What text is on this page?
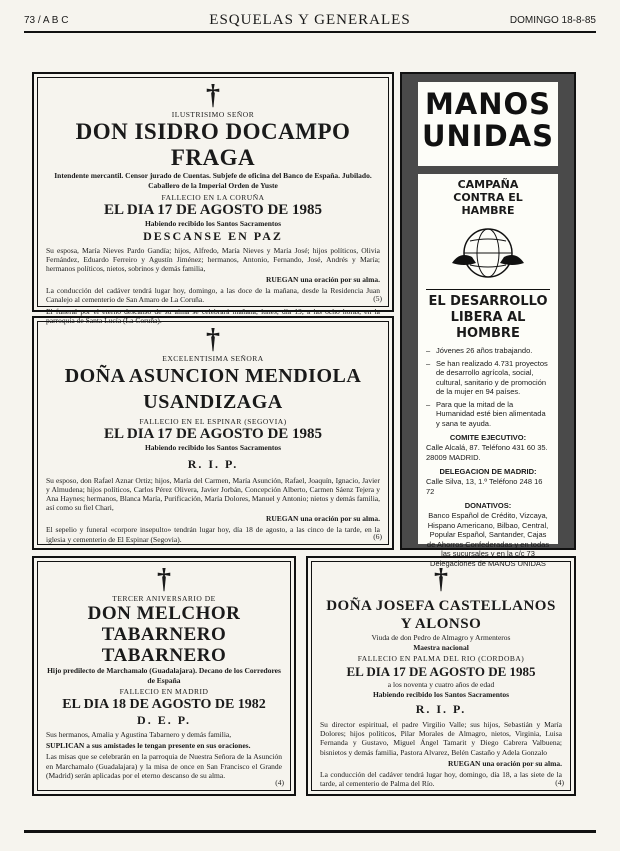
73 / A B C	ESQUELAS Y GENERALES	DOMINGO 18-8-85
†
ILUSTRISIMO SEÑOR
DON ISIDRO DOCAMPO FRAGA
Intendente mercantil. Censor jurado de Cuentas. Subjefe de oficina del Banco de España. Jubilado. Caballero de la Imperial Orden de Yuste
FALLECIO EN LA CORUÑA
EL DIA 17 DE AGOSTO DE 1985
Habiendo recibido los Santos Sacramentos
DESCANSE EN PAZ
Su esposa, María Nieves Pardo Gandía; hijos, Alfredo, María Nieves y María José; hijos políticos, Olivia Fernández, Eduardo Ferreiro y Agustín Jiménez; hermanos, Antonio, Fernando, José, Andrés y María; hermanos políticos, nietos, sobrinos y demás familia,
RUEGAN una oración por su alma.
La conducción del cadáver tendrá lugar hoy, domingo, a las doce de la mañana, desde la Residencia Juan Canalejo al cementerio de San Amaro de La Coruña.
El funeral por el eterno descanso de su alma se celebrará mañana, lunes, día 19, a las ocho horas, en la parroquia de Santa Lucía (La Coruña).
(5)
†
EXCELENTISIMA SEÑORA
DOÑA ASUNCION MENDIOLA USANDIZAGA
FALLECIO EN EL ESPINAR (SEGOVIA)
EL DIA 17 DE AGOSTO DE 1985
Habiendo recibido los Santos Sacramentos
R. I. P.
Su esposo, don Rafael Aznar Ortiz; hijos, María del Carmen, María Asunción, Rafael, Joaquín, Ignacio, Javier y Almudena; hijos políticos, Carlos Pérez Olivera, Javier Jorbán, Concepción Alberto, Carmen Sáenz Tejera y Ana Haynes; hermanos, Blanca María, Purificación, María Dolores, Manuel y Antonio; nietos y demás familia, así como su fiel Chari,
RUEGAN una oración por su alma.
El sepelio y funeral «corpore insepulto» tendrán lugar hoy, día 18 de agosto, a las cinco de la tarde, en la iglesia y cementerio de El Espinar (Segovia).	(6)
MANOS
UNIDAS
CAMPAÑA
CONTRA EL HAMBRE
EL DESARROLLO
LIBERA AL HOMBRE
– Jóvenes 26 años trabajando.
– Se han realizado 4.731 proyectos de desarrollo agrícola, social, cultural, sanitario y de promoción de la mujer en 94 países.
– Para que la mitad de la Humanidad esté bien alimentada y sana te ayuda.
COMITE EJECUTIVO:
Calle Alcalá, 87. Teléfono 431 60 35. 28009 MADRID.
DELEGACION DE MADRID:
Calle Silva, 13, 1.º Teléfono 248 16 72
DONATIVOS:
Banco Español de Crédito, Vizcaya, Hispano Americano, Bilbao, Central, Popular Español, Santander, Cajas de Ahorros Confederadas y en todas las sucursales y en la c/c 73 Delegaciones de MANOS UNIDAS
†
TERCER ANIVERSARIO DE
DON MELCHOR TABARNERO TABARNERO
Hijo predilecto de Marchamalo (Guadalajara). Decano de los Corredores de España
FALLECIO EN MADRID
EL DIA 18 DE AGOSTO DE 1982
D. E. P.
Sus hermanos, Amalia y Agustina Tabarnero y demás familia,
SUPLICAN a sus amistades le tengan presente en sus oraciones.
Las misas que se celebrarán en la parroquia de Nuestra Señora de la Asunción en Marchamalo (Guadalajara) y la misa de once en San Francisco el Grande (Madrid) serán aplicadas por el eterno descanso de su alma.
(4)
†
DOÑA JOSEFA CASTELLANOS Y ALONSO
Viuda de don Pedro de Almagro y Armenteros
Maestra nacional
FALLECIO EN PALMA DEL RIO (CORDOBA)
EL DIA 17 DE AGOSTO DE 1985
a los noventa y cuatro años de edad
Habiendo recibido los Santos Sacramentos
R. I. P.
Su director espiritual, el padre Virgilio Valle; sus hijos, Sebastián y María Dolores; hijos políticos, Pilar Morales de Almagro, nietos, Virginia, Luisa Fernanda y Gustavo, Miguel Ángel Tamarit y Diego Cabrera Valbuena; bisnietos y demás familia, Pastora Alvarez, Belén Castaño y Adela Gonzalo
RUEGAN una oración por su alma.
La conducción del cadáver tendrá lugar hoy, domingo, día 18, a las siete de la tarde, al cementerio de Palma del Río.	(4)
